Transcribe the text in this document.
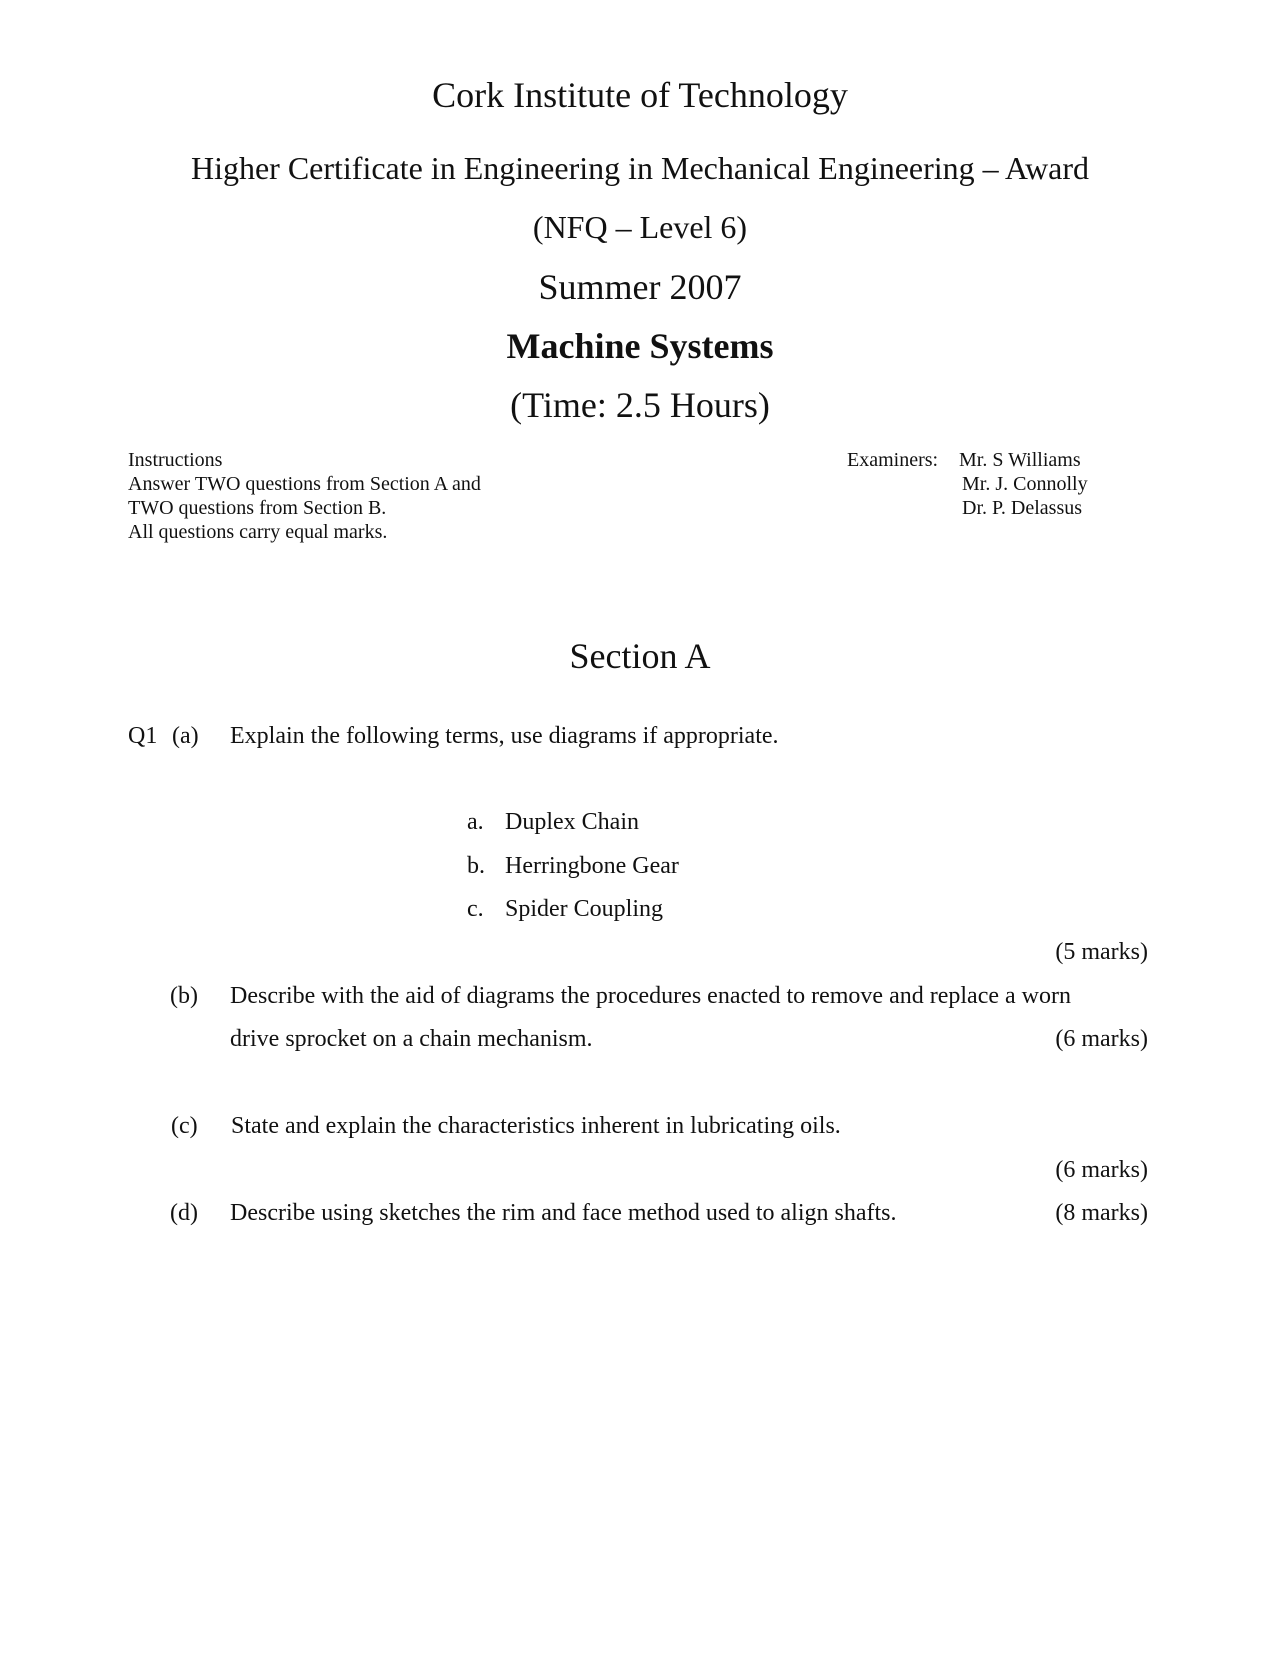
Cork Institute of Technology
Higher Certificate in Engineering in Mechanical Engineering – Award
(NFQ – Level 6)
Summer 2007
Machine Systems
(Time: 2.5 Hours)
Instructions
Answer TWO questions from Section A and
TWO questions from Section B.
All questions carry equal marks.
Examiners: Mr. S Williams
Mr. J. Connolly
Dr. P. Delassus
Section A
Q1 (a) Explain the following terms, use diagrams if appropriate.
a. Duplex Chain
b. Herringbone Gear
c. Spider Coupling
(5 marks)
(b) Describe with the aid of diagrams the procedures enacted to remove and replace a worn
drive sprocket on a chain mechanism.	(6 marks)
(c) State and explain the characteristics inherent in lubricating oils.
(6 marks)
(d) Describe using sketches the rim and face method used to align shafts.	(8 marks)
